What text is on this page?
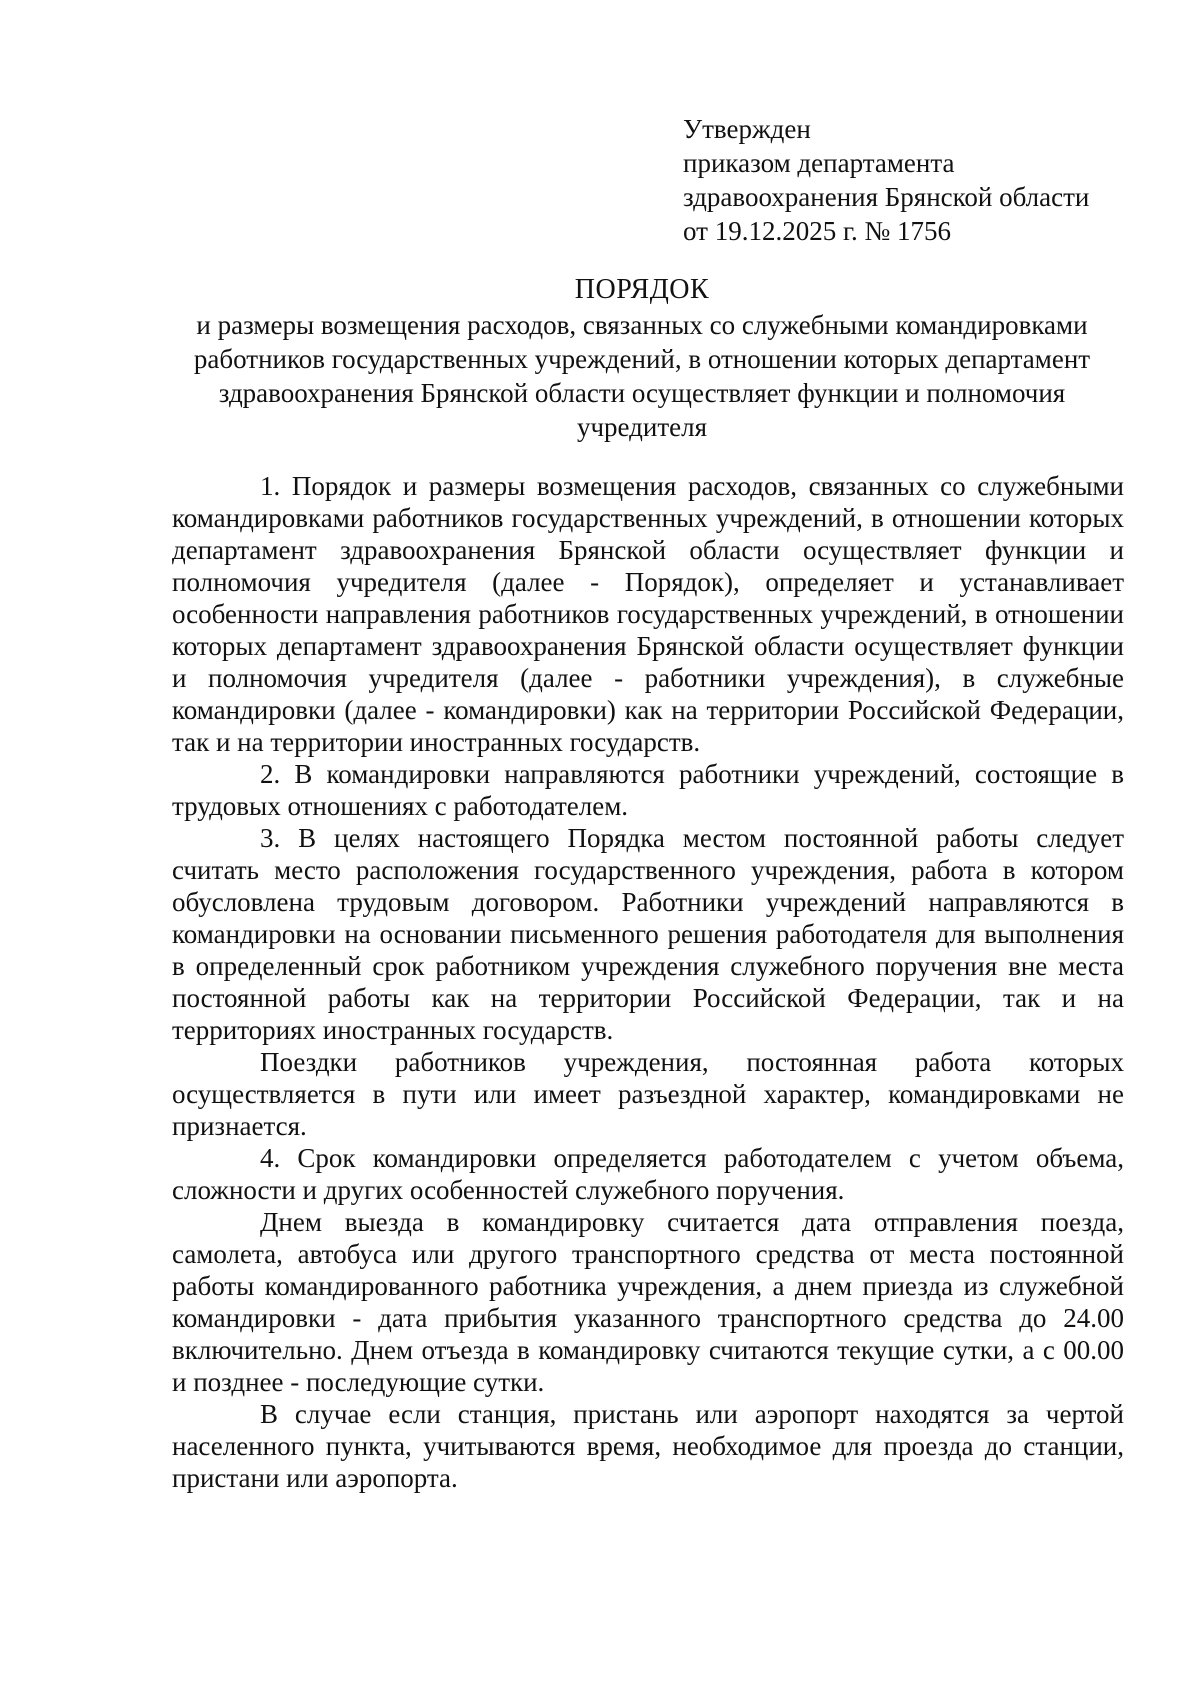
Утвержден
приказом департамента
здравоохранения Брянской области
от 19.12.2025 г. № 1756
ПОРЯДОК
и размеры возмещения расходов, связанных со служебными командировками
работников государственных учреждений, в отношении которых департамент
здравоохранения Брянской области осуществляет функции и полномочия
учредителя

1. Порядок и размеры возмещения расходов, связанных со служебными командировками работников государственных учреждений, в отношении которых департамент здравоохранения Брянской области осуществляет функции и полномочия учредителя (далее - Порядок), определяет и устанавливает особенности направления работников государственных учреждений, в отношении которых департамент здравоохранения Брянской области осуществляет функции и полномочия учредителя (далее - работники учреждения), в служебные командировки (далее - командировки) как на территории Российской Федерации, так и на территории иностранных государств.

2. В командировки направляются работники учреждений, состоящие в трудовых отношениях с работодателем.

3. В целях настоящего Порядка местом постоянной работы следует считать место расположения государственного учреждения, работа в котором обусловлена трудовым договором. Работники учреждений направляются в командировки на основании письменного решения работодателя для выполнения в определенный срок работником учреждения служебного поручения вне места постоянной работы как на территории Российской Федерации, так и на территориях иностранных государств.

Поездки работников учреждения, постоянная работа которых осуществляется в пути или имеет разъездной характер, командировками не признается.

4. Срок командировки определяется работодателем с учетом объема, сложности и других особенностей служебного поручения.

Днем выезда в командировку считается дата отправления поезда, самолета, автобуса или другого транспортного средства от места постоянной работы командированного работника учреждения, а днем приезда из служебной командировки - дата прибытия указанного транспортного средства до 24.00 включительно. Днем отъезда в командировку считаются текущие сутки, а с 00.00 и позднее - последующие сутки.

В случае если станция, пристань или аэропорт находятся за чертой населенного пункта, учитываются время, необходимое для проезда до станции, пристани или аэропорта.
